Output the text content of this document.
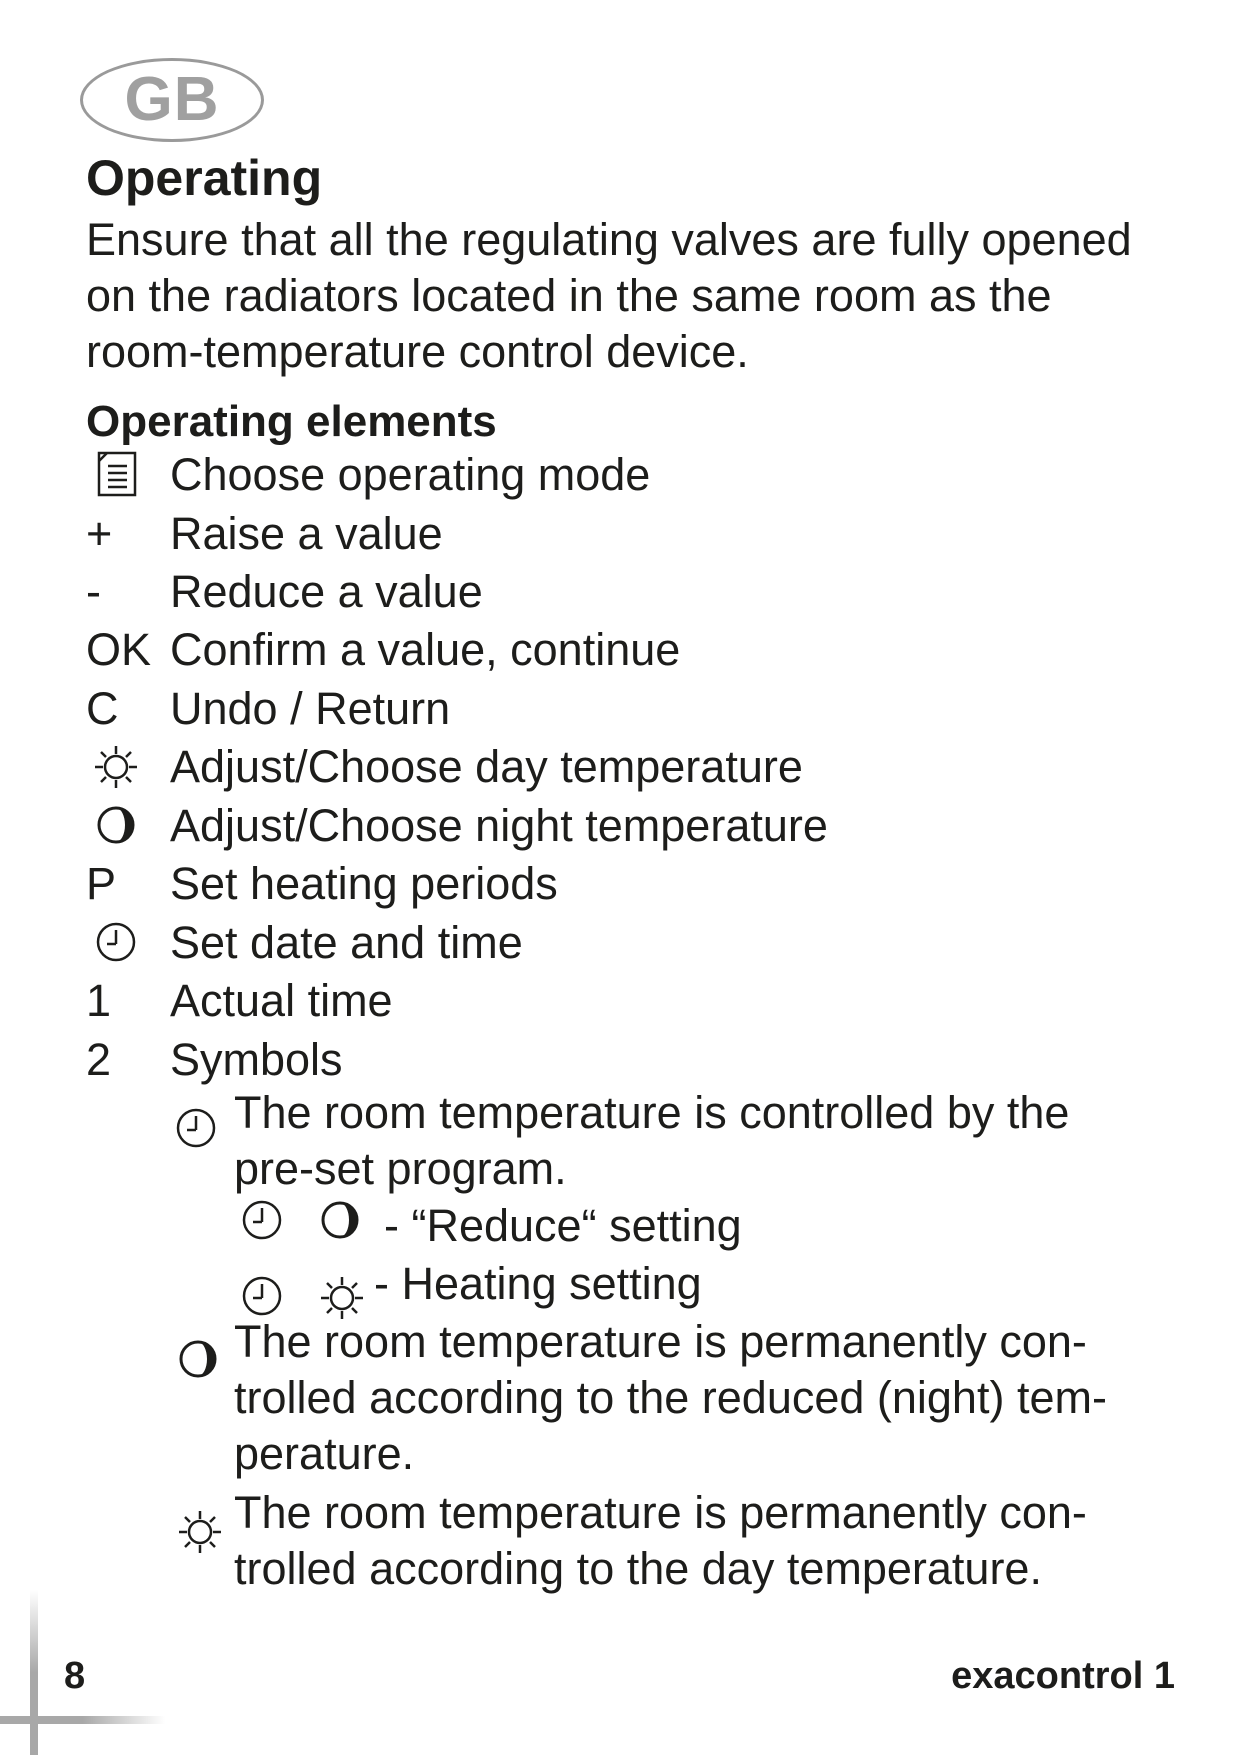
GB
Operating
Ensure that all the regulating valves are fully opened
on the radiators located in the same room as the
room-temperature control device.
Operating elements
Choose operating mode
+	Raise a value
-	Reduce a value
OK Confirm a value, continue
C	Undo / Return
Adjust/Choose day temperature
Adjust/Choose night temperature
P	Set heating periods
Set date and time
1	Actual time
2	Symbols
The room temperature is controlled by the
pre-set program.
- “Reduce“ setting
- Heating setting
The room temperature is permanently con-
trolled according to the reduced (night) tem-
perature.
The room temperature is permanently con-
trolled according to the day temperature.
8	exacontrol 1
